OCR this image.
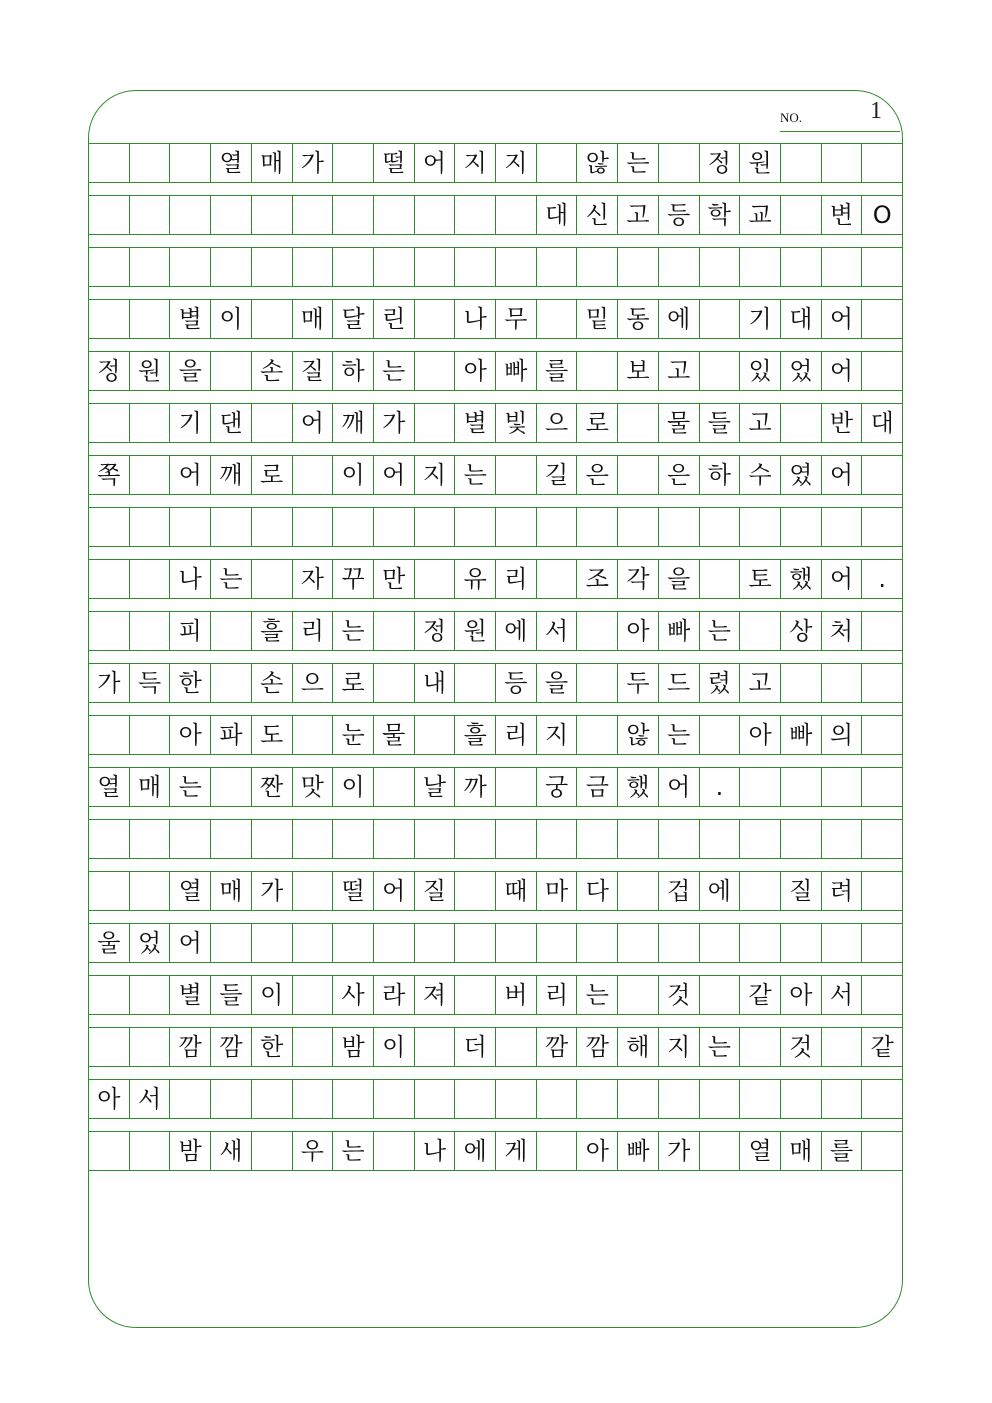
NO.	1
열 매 가	떨 어 지 지	않 는	정 원
대 신 고 등 학 교	변 O
별 이	매 달 린	나 무	밑 동 에	기 대 어
정 원 을	손 질 하 는	아 빠 를	보 고	있 었 어
기 댄	어 깨 가	별 빛 으 로	물 들 고	반 대
쪽	어 깨 로	이 어 지 는	길 은	은 하 수 였 어
나 는	자 꾸 만	유 리	조 각 을	토 했 어	.
피	흘 리 는	정 원 에 서	아 빠 는	상 처
가 득 한	손 으 로	내	등 을	두 드 렸 고
아 파 도	눈 물	흘 리 지	않 는	아 빠 의
열 매 는	짠 맛 이	날 까	궁 금 했 어	.
열 매 가	떨 어 질	때 마 다	겁 에	질 려
울 었 어
별 들 이	사 라 져	버 리 는	것	같 아 서
깜 깜 한	밤 이	더	깜 깜 해 지 는	것	같
아 서
밤 새	우 는	나 에 게	아 빠 가	열 매 를
